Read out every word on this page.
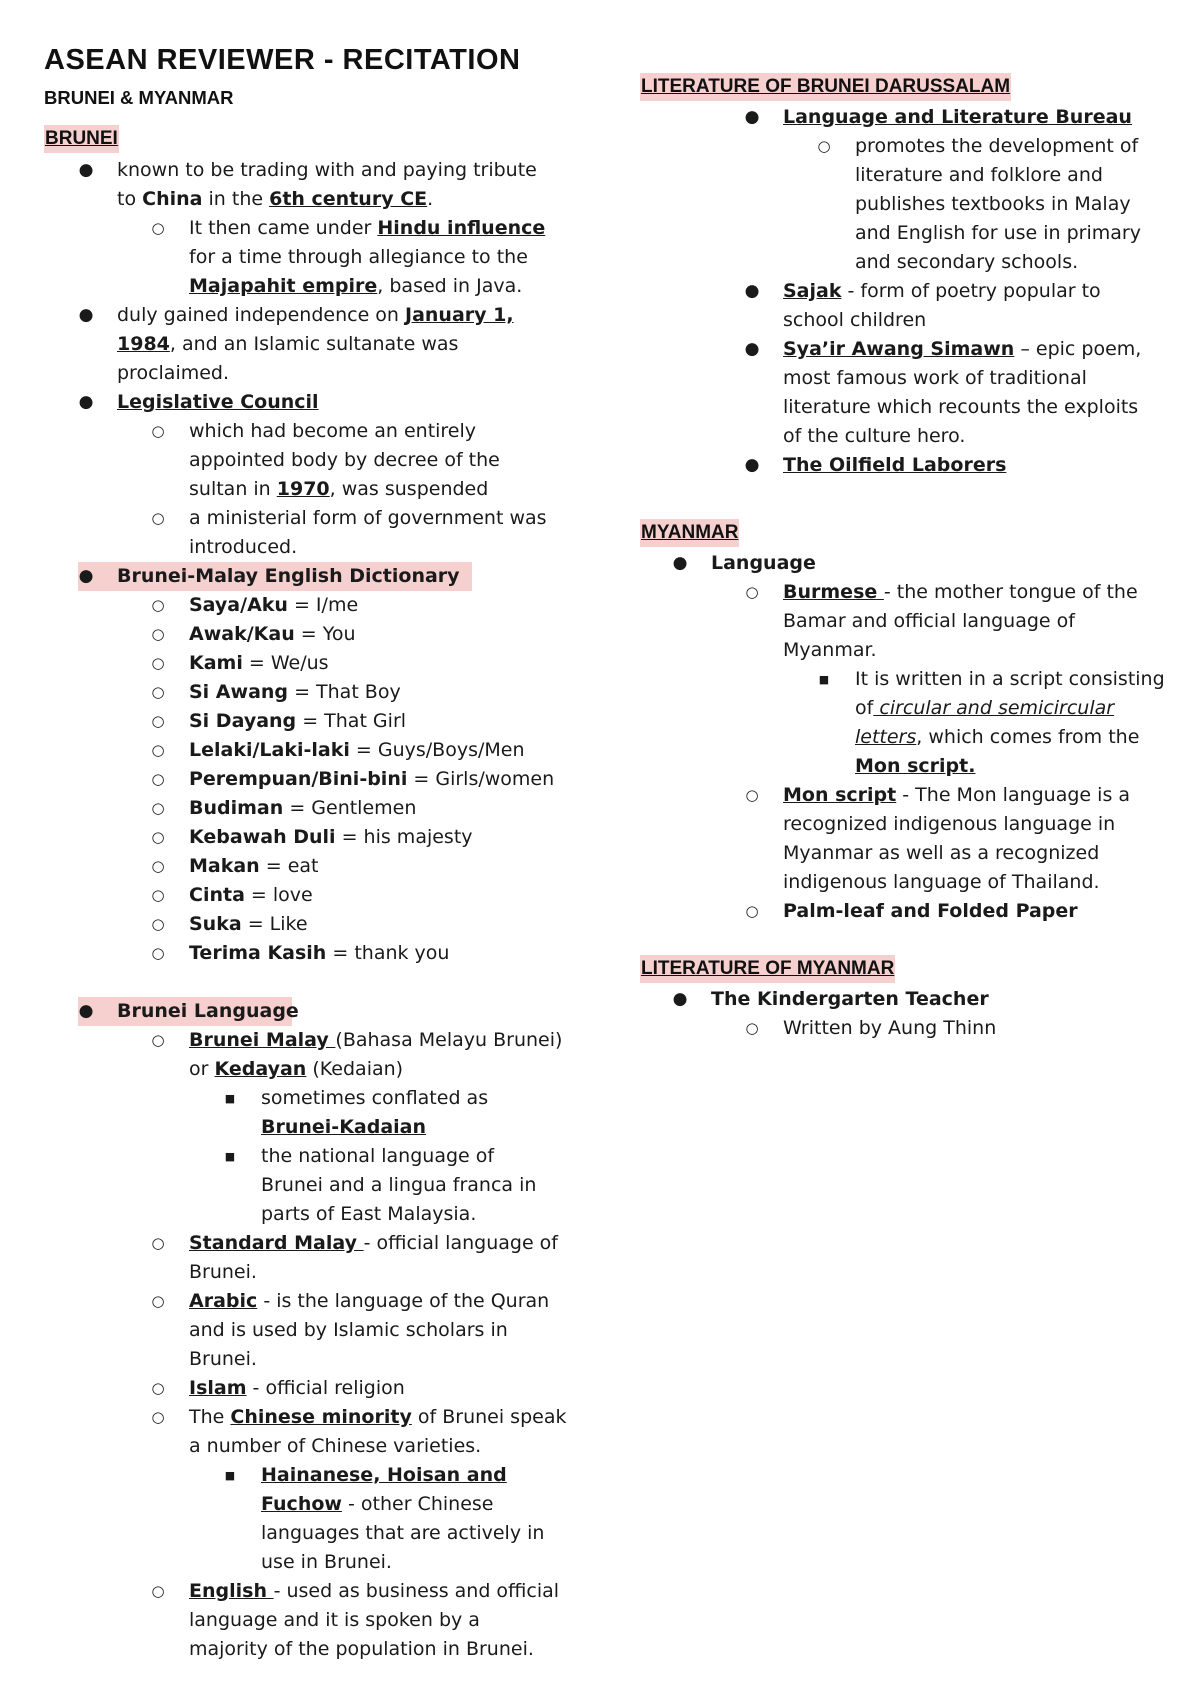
ASEAN REVIEWER - RECITATION
BRUNEI & MYANMAR
BRUNEI
● known to be trading with and paying tribute
to China in the 6th century CE.
○ It then came under Hindu influence
for a time through allegiance to the
Majapahit empire, based in Java.
● duly gained independence on January 1,
1984, and an Islamic sultanate was
proclaimed.
● Legislative Council
○ which had become an entirely
appointed body by decree of the
sultan in 1970, was suspended
○ a ministerial form of government was
introduced.
● Brunei-Malay English Dictionary
○ Saya/Aku = I/me
○ Awak/Kau = You
○ Kami = We/us
○ Si Awang = That Boy
○ Si Dayang = That Girl
○ Lelaki/Laki-laki = Guys/Boys/Men
○ Perempuan/Bini-bini = Girls/women
○ Budiman = Gentlemen
○ Kebawah Duli = his majesty
○ Makan = eat
○ Cinta = love
○ Suka = Like
○ Terima Kasih = thank you
● Brunei Language
○ Brunei Malay (Bahasa Melayu Brunei)
or Kedayan (Kedaian)
■ sometimes conflated as
Brunei-Kadaian
■ the national language of
Brunei and a lingua franca in
parts of East Malaysia.
○ Standard Malay - official language of
Brunei.
○ Arabic - is the language of the Quran
and is used by Islamic scholars in
Brunei.
○ Islam - official religion
○ The Chinese minority of Brunei speak
a number of Chinese varieties.
■ Hainanese, Hoisan and
Fuchow - other Chinese
languages that are actively in
use in Brunei.
○ English - used as business and official
language and it is spoken by a
majority of the population in Brunei.
LITERATURE OF BRUNEI DARUSSALAM
● Language and Literature Bureau
○ promotes the development of
literature and folklore and
publishes textbooks in Malay
and English for use in primary
and secondary schools.
● Sajak - form of poetry popular to
school children
● Sya’ir Awang Simawn – epic poem,
most famous work of traditional
literature which recounts the exploits
of the culture hero.
● The Oilfield Laborers
MYANMAR
● Language
○ Burmese - the mother tongue of the
Bamar and official language of
Myanmar.
■ It is written in a script consisting
of circular and semicircular
letters, which comes from the
Mon script.
○ Mon script - The Mon language is a
recognized indigenous language in
Myanmar as well as a recognized
indigenous language of Thailand.
○ Palm-leaf and Folded Paper
LITERATURE OF MYANMAR
● The Kindergarten Teacher
○ Written by Aung Thinn
